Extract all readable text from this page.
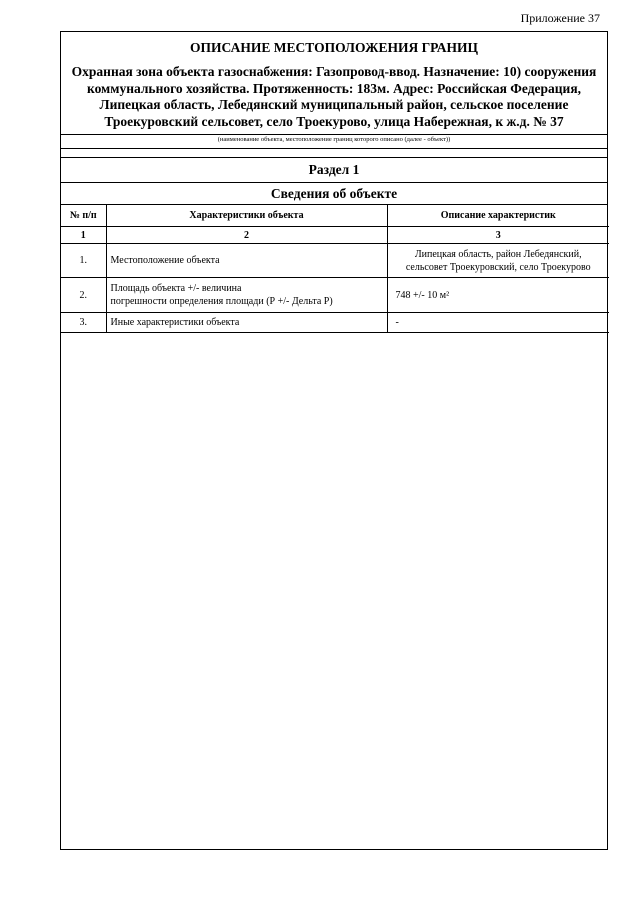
Приложение 37
ОПИСАНИЕ МЕСТОПОЛОЖЕНИЯ ГРАНИЦ
Охранная зона объекта газоснабжения: Газопровод-ввод. Назначение: 10) сооружения коммунального хозяйства. Протяженность: 183м. Адрес: Российская Федерация, Липецкая область, Лебедянский муниципальный район, сельское поселение Троекуровский сельсовет, село Троекурово, улица Набережная, к ж.д. № 37
(наименование объекта, местоположение границ которого описано (далее - объект))
Раздел 1
Сведения об объекте
№ п/п	Характеристики объекта	Описание характеристик
1	2	3
1.	Местоположение объекта	Липецкая область, район Лебедянский,
сельсовет Троекуровский, село Троекурово

2.	Площадь объекта +/- величина
погрешности определения площади (Р +/- Дельта Р)	748 +/- 10 м²
3.	Иные характеристики объекта	-
